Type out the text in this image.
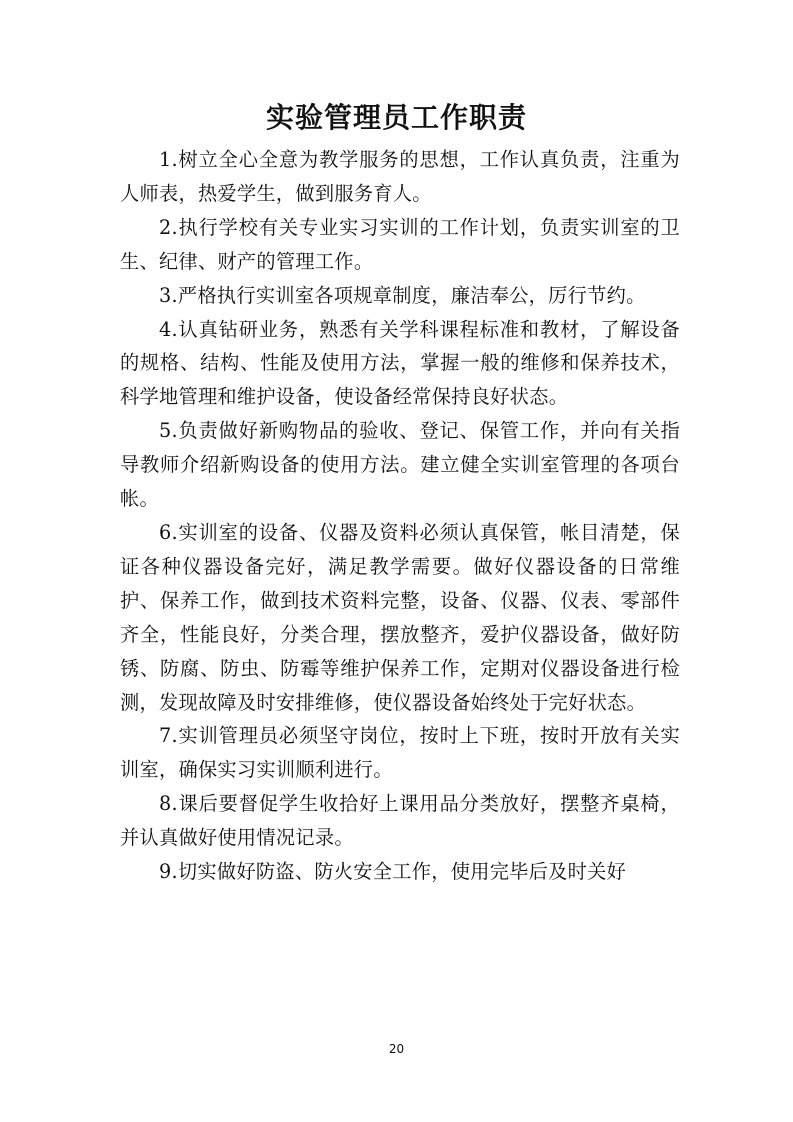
实验管理员工作职责

1.树立全心全意为教学服务的思想，工作认真负责，注重为人师表，热爱学生，做到服务育人。

2.执行学校有关专业实习实训的工作计划，负责实训室的卫生、纪律、财产的管理工作。

3.严格执行实训室各项规章制度，廉洁奉公，厉行节约。

4.认真钻研业务，熟悉有关学科课程标准和教材，了解设备的规格、结构、性能及使用方法，掌握一般的维修和保养技术，科学地管理和维护设备，使设备经常保持良好状态。

5.负责做好新购物品的验收、登记、保管工作，并向有关指导教师介绍新购设备的使用方法。建立健全实训室管理的各项台帐。

6.实训室的设备、仪器及资料必须认真保管，帐目清楚，保证各种仪器设备完好，满足教学需要。做好仪器设备的日常维护、保养工作，做到技术资料完整，设备、仪器、仪表、零部件齐全，性能良好，分类合理，摆放整齐，爱护仪器设备，做好防锈、防腐、防虫、防霉等维护保养工作，定期对仪器设备进行检测，发现故障及时安排维修，使仪器设备始终处于完好状态。

7.实训管理员必须坚守岗位，按时上下班，按时开放有关实训室，确保实习实训顺利进行。

8.课后要督促学生收拾好上课用品分类放好，摆整齐桌椅，并认真做好使用情况记录。

9.切实做好防盗、防火安全工作，使用完毕后及时关好

20
